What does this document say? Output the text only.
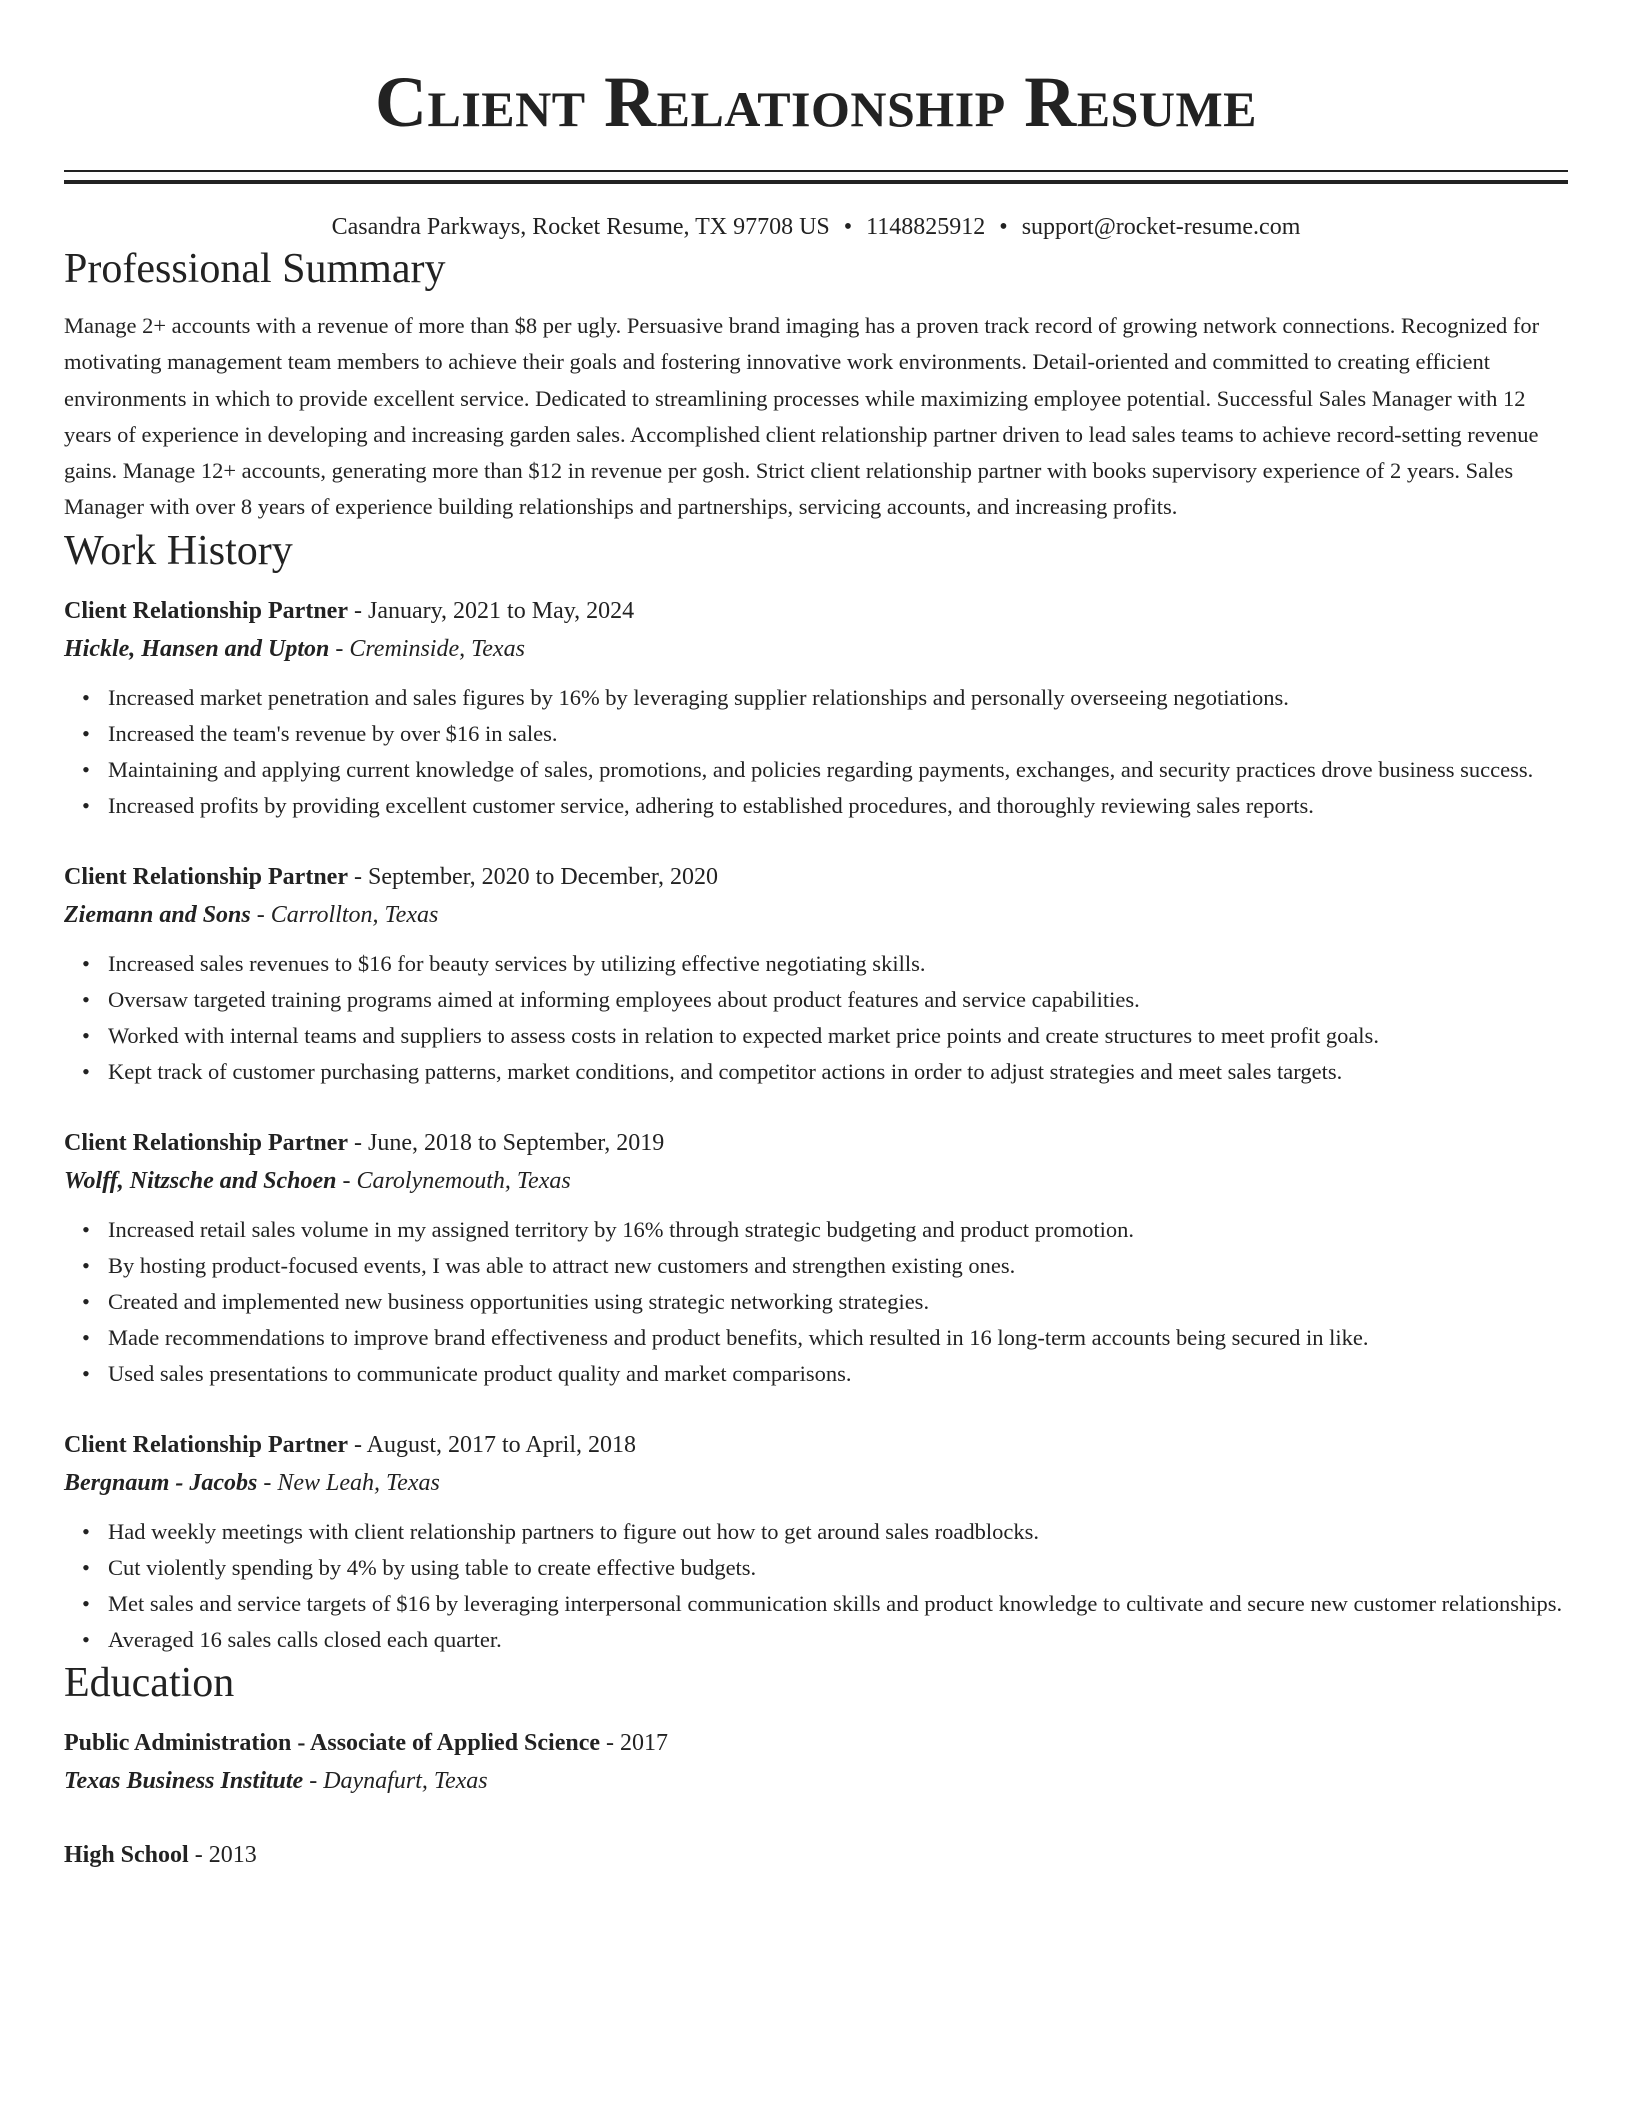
Client Relationship Resume
Casandra Parkways, Rocket Resume, TX 97708 US • 1148825912 • support@rocket-resume.com
Professional Summary
Manage 2+ accounts with a revenue of more than $8 per ugly. Persuasive brand imaging has a proven track record of growing network connections. Recognized for motivating management team members to achieve their goals and fostering innovative work environments. Detail-oriented and committed to creating efficient environments in which to provide excellent service. Dedicated to streamlining processes while maximizing employee potential. Successful Sales Manager with 12 years of experience in developing and increasing garden sales. Accomplished client relationship partner driven to lead sales teams to achieve record-setting revenue gains. Manage 12+ accounts, generating more than $12 in revenue per gosh. Strict client relationship partner with books supervisory experience of 2 years. Sales Manager with over 8 years of experience building relationships and partnerships, servicing accounts, and increasing profits.
Work History
Client Relationship Partner - January, 2021 to May, 2024
Hickle, Hansen and Upton - Creminside, Texas
• Increased market penetration and sales figures by 16% by leveraging supplier relationships and personally overseeing negotiations.
• Increased the team's revenue by over $16 in sales.
• Maintaining and applying current knowledge of sales, promotions, and policies regarding payments, exchanges, and security practices drove business success.
• Increased profits by providing excellent customer service, adhering to established procedures, and thoroughly reviewing sales reports.
Client Relationship Partner - September, 2020 to December, 2020
Ziemann and Sons - Carrollton, Texas
• Increased sales revenues to $16 for beauty services by utilizing effective negotiating skills.
• Oversaw targeted training programs aimed at informing employees about product features and service capabilities.
• Worked with internal teams and suppliers to assess costs in relation to expected market price points and create structures to meet profit goals.
• Kept track of customer purchasing patterns, market conditions, and competitor actions in order to adjust strategies and meet sales targets.
Client Relationship Partner - June, 2018 to September, 2019
Wolff, Nitzsche and Schoen - Carolynemouth, Texas
• Increased retail sales volume in my assigned territory by 16% through strategic budgeting and product promotion.
• By hosting product-focused events, I was able to attract new customers and strengthen existing ones.
• Created and implemented new business opportunities using strategic networking strategies.
• Made recommendations to improve brand effectiveness and product benefits, which resulted in 16 long-term accounts being secured in like.
• Used sales presentations to communicate product quality and market comparisons.
Client Relationship Partner - August, 2017 to April, 2018
Bergnaum - Jacobs - New Leah, Texas
• Had weekly meetings with client relationship partners to figure out how to get around sales roadblocks.
• Cut violently spending by 4% by using table to create effective budgets.
• Met sales and service targets of $16 by leveraging interpersonal communication skills and product knowledge to cultivate and secure new customer relationships.
• Averaged 16 sales calls closed each quarter.
Education
Public Administration - Associate of Applied Science - 2017
Texas Business Institute - Daynafurt, Texas
High School - 2013
